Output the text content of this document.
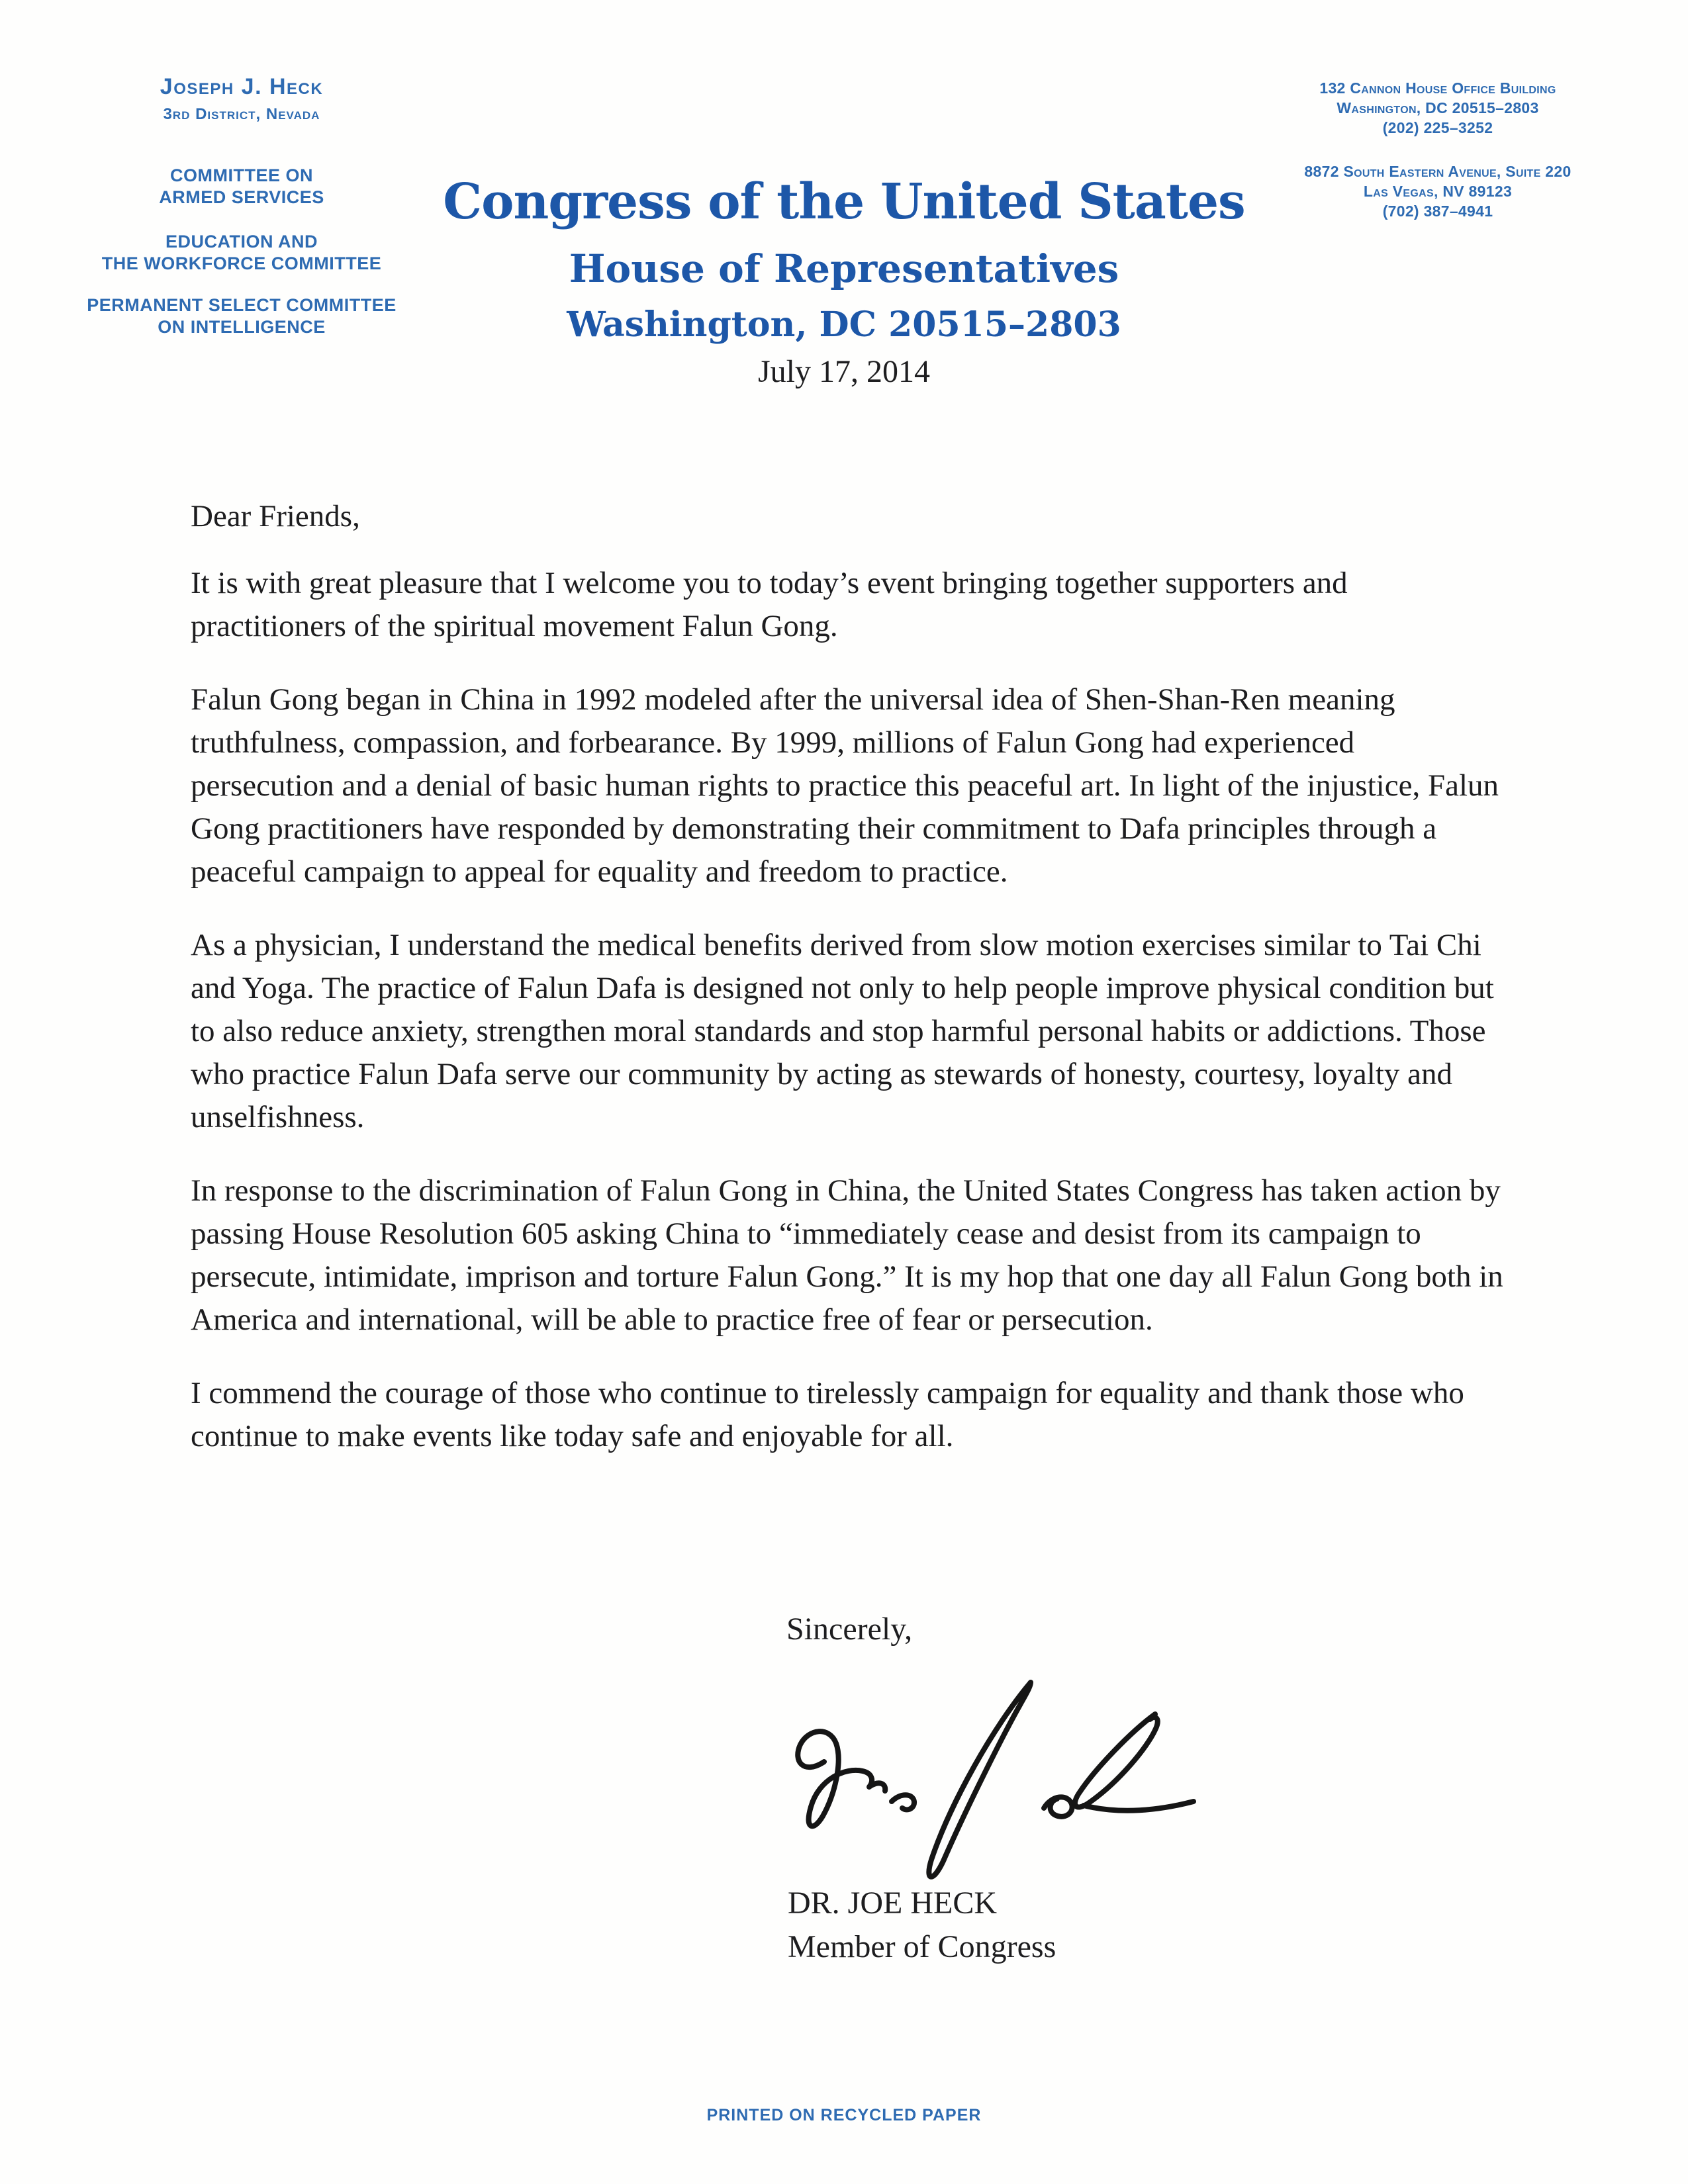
Joseph J. Heck
3rd District, Nevada
COMMITTEE ON
ARMED SERVICES
EDUCATION AND
THE WORKFORCE COMMITTEE
PERMANENT SELECT COMMITTEE
ON INTELLIGENCE
132 Cannon House Office Building
Washington, DC 20515–2803
(202) 225–3252
8872 South Eastern Avenue, Suite 220
Las Vegas, NV 89123
(702) 387–4941
Congress of the United States
House of Representatives
Washington, DC 20515–2803
July 17, 2014

Dear Friends,

It is with great pleasure that I welcome you to today’s event bringing together supporters and practitioners of the spiritual movement Falun Gong.

Falun Gong began in China in 1992 modeled after the universal idea of Shen-Shan-Ren meaning truthfulness, compassion, and forbearance. By 1999, millions of Falun Gong had experienced persecution and a denial of basic human rights to practice this peaceful art. In light of the injustice, Falun Gong practitioners have responded by demonstrating their commitment to Dafa principles through a peaceful campaign to appeal for equality and freedom to practice.

As a physician, I understand the medical benefits derived from slow motion exercises similar to Tai Chi and Yoga. The practice of Falun Dafa is designed not only to help people improve physical condition but to also reduce anxiety, strengthen moral standards and stop harmful personal habits or addictions. Those who practice Falun Dafa serve our community by acting as stewards of honesty, courtesy, loyalty and unselfishness.

In response to the discrimination of Falun Gong in China, the United States Congress has taken action by passing House Resolution 605 asking China to “immediately cease and desist from its campaign to persecute, intimidate, imprison and torture Falun Gong.” It is my hop that one day all Falun Gong both in America and international, will be able to practice free of fear or persecution.

I commend the courage of those who continue to tirelessly campaign for equality and thank those who continue to make events like today safe and enjoyable for all.

Sincerely,
DR. JOE HECK
Member of Congress
PRINTED ON RECYCLED PAPER
